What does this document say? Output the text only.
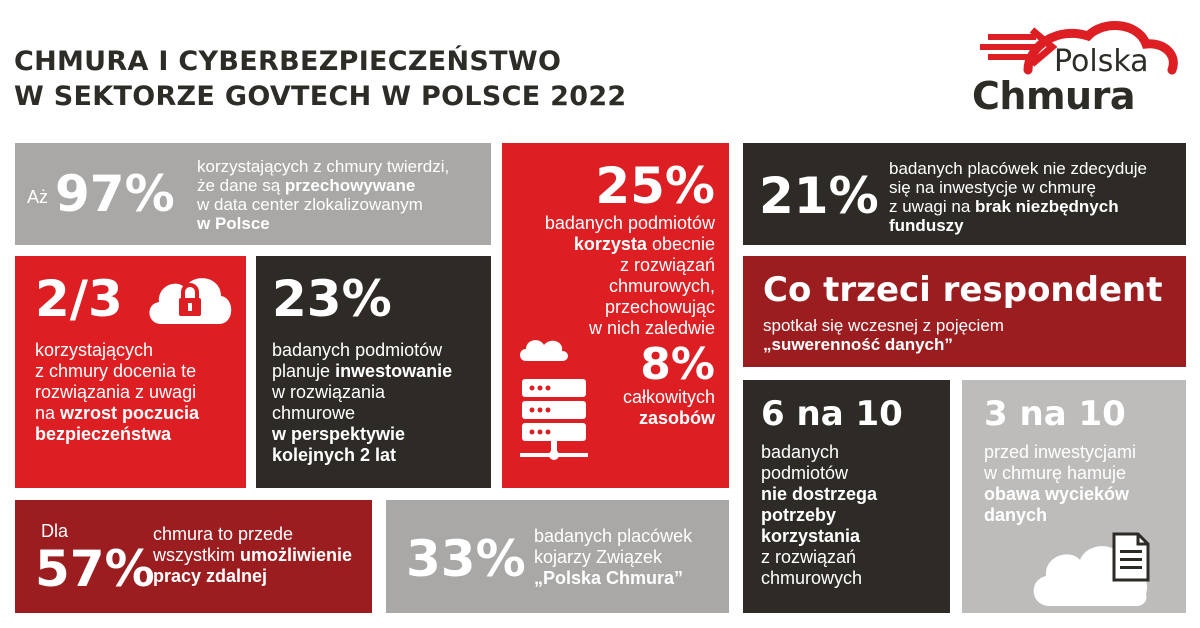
CHMURA I CYBERBEZPIECZEŃSTWO
W SEKTORZE GOVTECH W POLSCE 2022
Polska
Chmura
Aż 97% korzystających z chmury twierdzi,
że dane są przechowywane
w data center zlokalizowanym
w Polsce
2/3
korzystających
z chmury docenia te
rozwiązania z uwagi
na wzrost poczucia
bezpieczeństwa
23%
badanych podmiotów
planuje inwestowanie
w rozwiązania
chmurowe
w perspektywie
kolejnych 2 lat
25%
badanych podmiotów
korzysta obecnie
z rozwiązań
chmurowych,
przechowując
w nich zaledwie
8%
całkowitych
zasobów
21% badanych placówek nie zdecyduje
się na inwestycje w chmurę
z uwagi na brak niezbędnych
funduszy
Co trzeci respondent
spotkał się wczesnej z pojęciem
„suwerenność danych”
6 na 10
badanych
podmiotów
nie dostrzega
potrzeby
korzystania
z rozwiązań
chmurowych
3 na 10
przed inwestycjami
w chmurę hamuje
obawa wycieków
danych
Dla
57%
chmura to przede
wszystkim umożliwienie
pracy zdalnej	33% badanych placówek
kojarzy Związek
„Polska Chmura”
